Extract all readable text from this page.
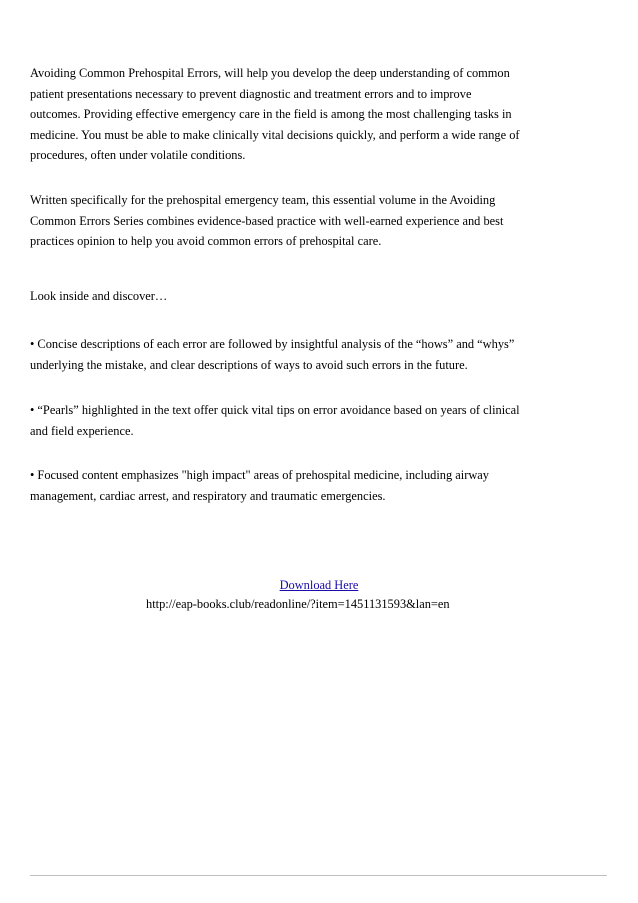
Avoiding Common Prehospital Errors, will help you develop the deep understanding of common
patient presentations necessary to prevent diagnostic and treatment errors and to improve
outcomes. Providing effective emergency care in the field is among the most challenging tasks in
medicine. You must be able to make clinically vital decisions quickly, and perform a wide range of
procedures, often under volatile conditions.

Written specifically for the prehospital emergency team, this essential volume in the Avoiding
Common Errors Series combines evidence-based practice with well-earned experience and best
practices opinion to help you avoid common errors of prehospital care.

Look inside and discover…

• Concise descriptions of each error are followed by insightful analysis of the “hows” and “whys”
underlying the mistake, and clear descriptions of ways to avoid such errors in the future.

• “Pearls” highlighted in the text offer quick vital tips on error avoidance based on years of clinical
and field experience.

• Focused content emphasizes "high impact" areas of prehospital medicine, including airway
management, cardiac arrest, and respiratory and traumatic emergencies.

Download Here
http://eap-books.club/readonline/?item=1451131593&lan=en
